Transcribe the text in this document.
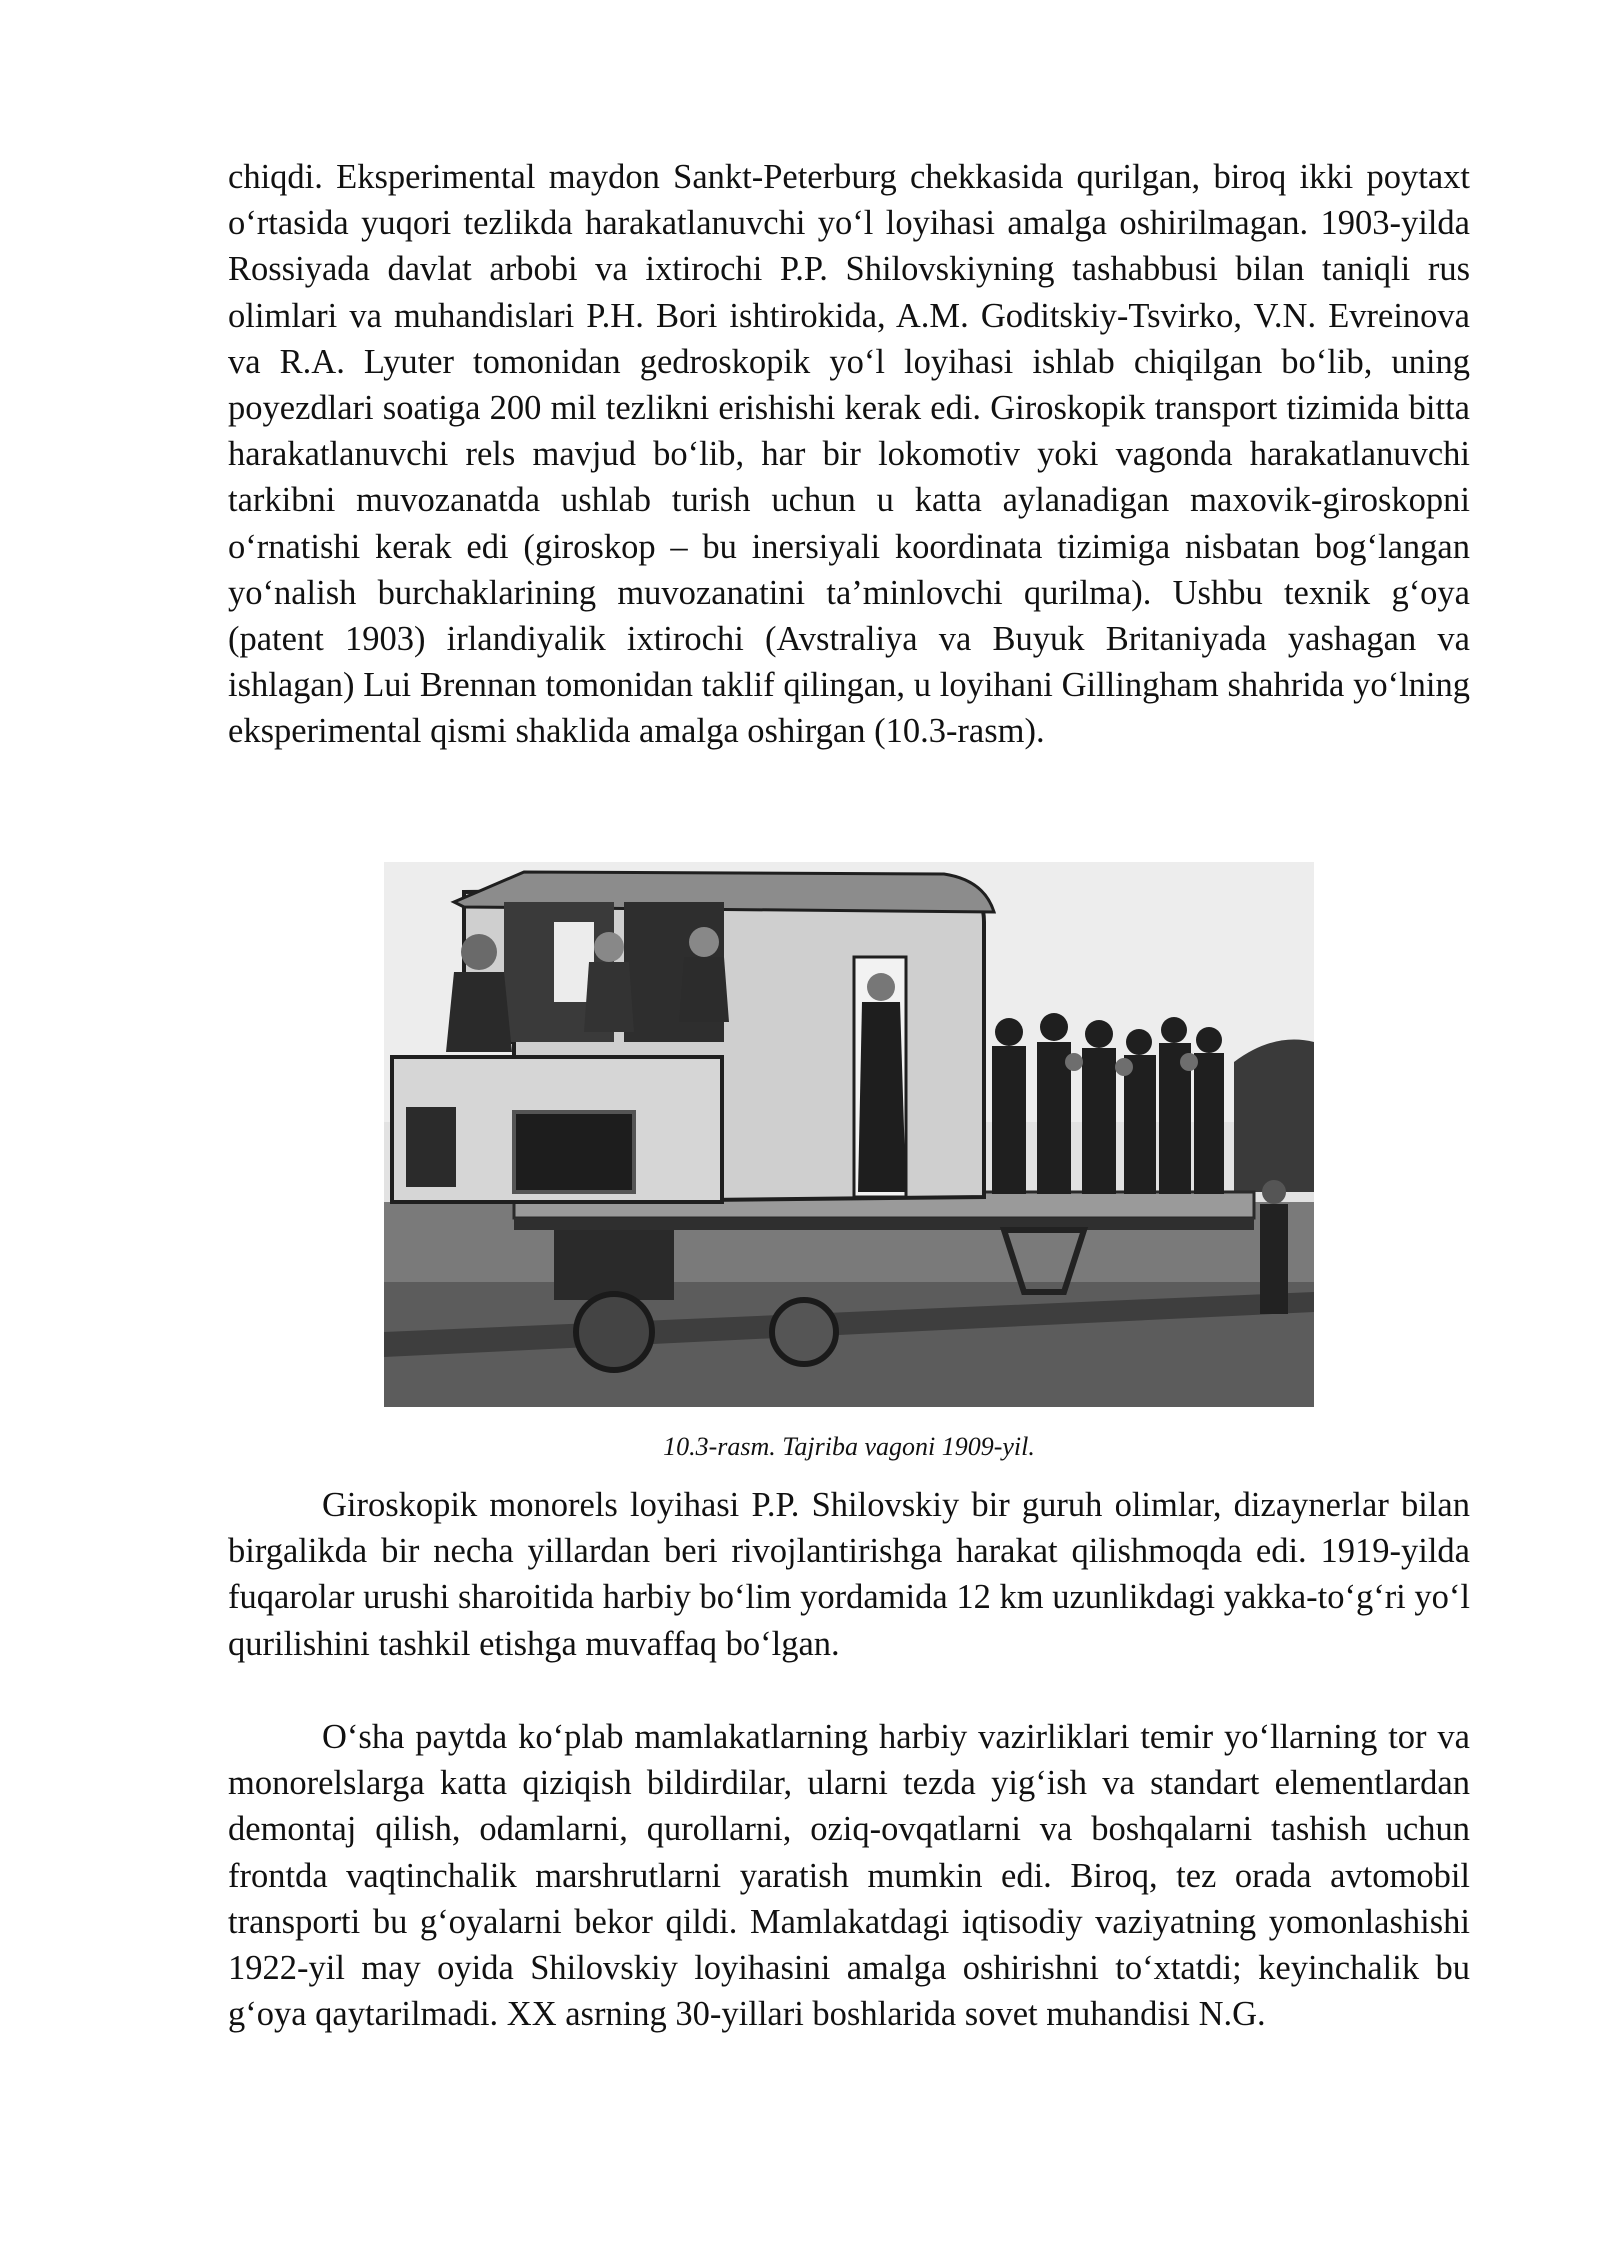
chiqdi. Eksperimental maydon Sankt-Peterburg chekkasida qurilgan, biroq ikki poytaxt o‘rtasida yuqori tezlikda harakatlanuvchi yo‘l loyihasi amalga oshirilmagan. 1903-yilda Rossiyada davlat arbobi va ixtirochi P.P. Shilovskiyning tashabbusi bilan taniqli rus olimlari va muhandislari P.H. Bori ishtirokida, A.M. Goditskiy-Tsvirko, V.N. Evreinova va R.A. Lyuter tomonidan gedroskopik yo‘l loyihasi ishlab chiqilgan bo‘lib, uning poyezdlari soatiga 200 mil tezlikni erishishi kerak edi. Giroskopik transport tizimida bitta harakatlanuvchi rels mavjud bo‘lib, har bir lokomotiv yoki vagonda harakatlanuvchi tarkibni muvozanatda ushlab turish uchun u katta aylanadigan maxovik-giroskopni o‘rnatishi kerak edi (giroskop – bu inersiyali koordinata tizimiga nisbatan bog‘langan yo‘nalish burchaklarining muvozanatini ta’minlovchi qurilma). Ushbu texnik g‘oya (patent 1903) irlandiyalik ixtirochi (Avstraliya va Buyuk Britaniyada yashagan va ishlagan) Lui Brennan tomonidan taklif qilingan, u loyihani Gillingham shahrida yo‘lning eksperimental qismi shaklida amalga oshirgan (10.3-rasm).

10.3-rasm. Tajriba vagoni 1909-yil.

Giroskopik monorels loyihasi P.P. Shilovskiy bir guruh olimlar, dizaynerlar bilan birgalikda bir necha yillardan beri rivojlantirishga harakat qilishmoqda edi. 1919-yilda fuqarolar urushi sharoitida harbiy bo‘lim yordamida 12 km uzunlikdagi yakka-to‘g‘ri yo‘l qurilishini tashkil etishga muvaffaq bo‘lgan.

O‘sha paytda ko‘plab mamlakatlarning harbiy vazirliklari temir yo‘llarning tor va monorelslarga katta qiziqish bildirdilar, ularni tezda yig‘ish va standart elementlardan demontaj qilish, odamlarni, qurollarni, oziq-ovqatlarni va boshqalarni tashish uchun frontda vaqtinchalik marshrutlarni yaratish mumkin edi. Biroq, tez orada avtomobil transporti bu g‘oyalarni bekor qildi. Mamlakatdagi iqtisodiy vaziyatning yomonlashishi 1922-yil may oyida Shilovskiy loyihasini amalga oshirishni to‘xtatdi; keyinchalik bu g‘oya qaytarilmadi. XX asrning 30-yillari boshlarida sovet muhandisi N.G.
